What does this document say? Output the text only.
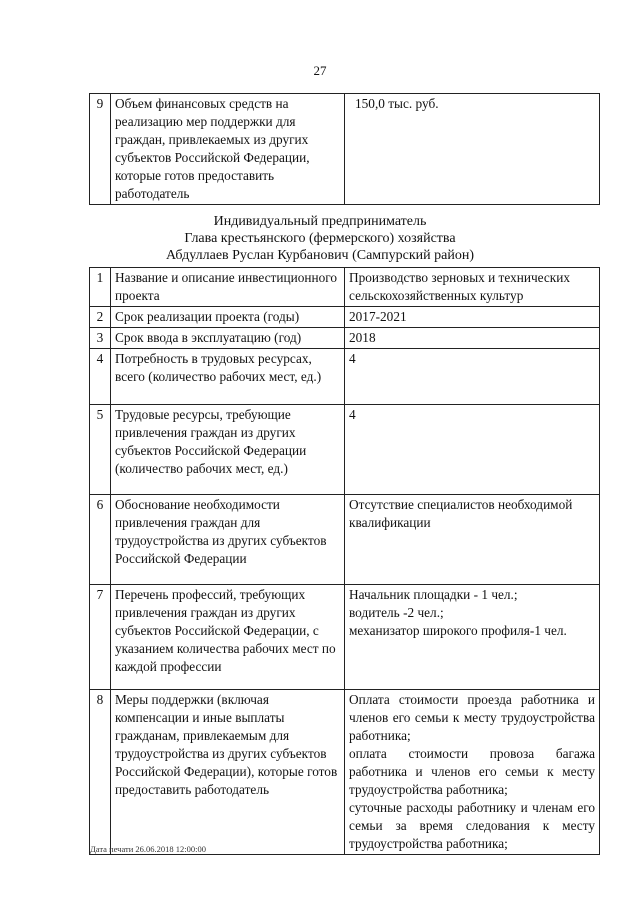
27
9	Объем финансовых средств на реализацию мер поддержки для граждан, привлекаемых из других субъектов Российской Федерации, которые готов предоставить работодатель	150,0 тыс. руб.
Индивидуальный предприниматель
Глава крестьянского (фермерского) хозяйства
Абдуллаев Руслан Курбанович (Сампурский район)
1	Название и описание инвестиционного проекта	Производство зерновых и технических сельскохозяйственных культур
2	Срок реализации проекта (годы)	2017-2021
3	Срок ввода в эксплуатацию (год)	2018
4	Потребность в трудовых ресурсах, всего (количество рабочих мест, ед.)	4
5	Трудовые ресурсы, требующие привлечения граждан из других субъектов Российской Федерации (количество рабочих мест, ед.)	4
6	Обоснование необходимости привлечения граждан для трудоустройства из других субъектов Российской Федерации	Отсутствие специалистов необходимой квалификации
7	Перечень профессий, требующих привлечения граждан из других субъектов Российской Федерации, с указанием количества рабочих мест по каждой профессии	Начальник площадки - 1 чел.;
водитель -2 чел.;
механизатор широкого профиля-1 чел.

8	Меры поддержки (включая компенсации и иные выплаты гражданам, привлекаемым для трудоустройства из других субъектов Российской Федерации), которые готов предоставить работодатель	Оплата стоимости проезда работника и членов его семьи к месту трудоустройства работника;
оплата стоимости провоза багажа работника и членов его семьи к месту трудоустройства работника;
суточные расходы работнику и членам его семьи за время следования к месту трудоустройства работника;
Дата печати 26.06.2018 12:00:00
